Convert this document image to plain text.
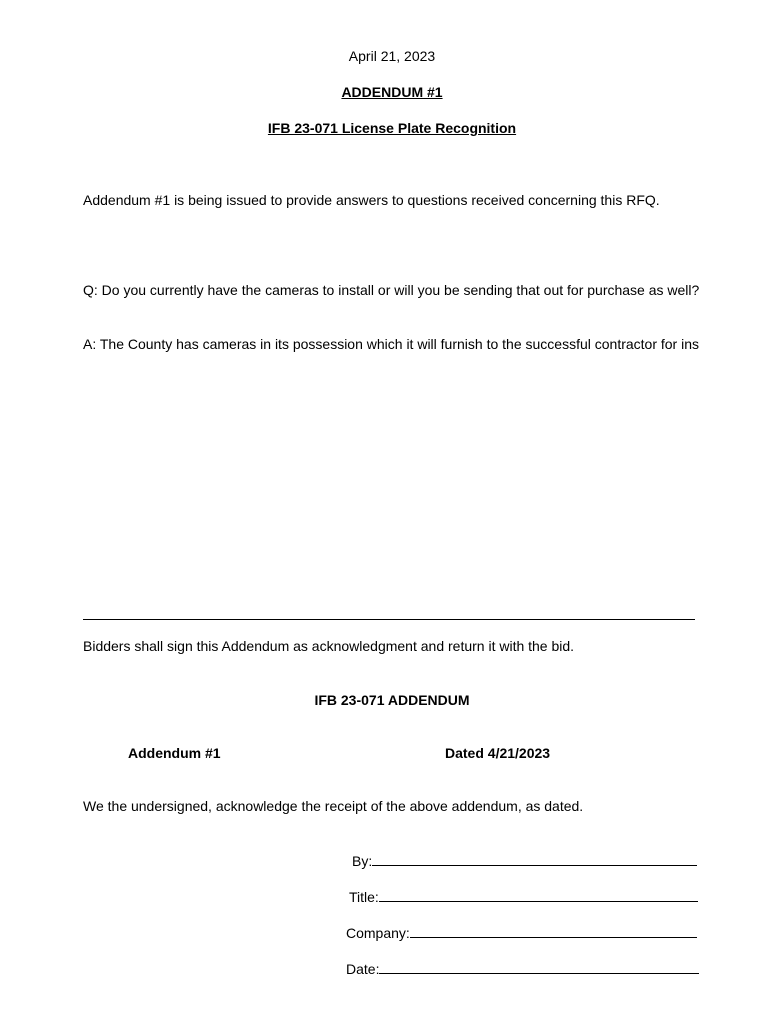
April 21, 2023
ADDENDUM #1
IFB 23-071 License Plate Recognition
Addendum #1 is being issued to provide answers to questions received concerning this RFQ.
Q: Do you currently have the cameras to install or will you be sending that out for purchase as well?
A: The County has cameras in its possession which it will furnish to the successful contractor for ins
Bidders shall sign this Addendum as acknowledgment and return it with the bid.
IFB 23-071 ADDENDUM
Addendum #1	Dated 4/21/2023
We the undersigned, acknowledge the receipt of the above addendum, as dated.
By:
Title:
Company:
Date:
